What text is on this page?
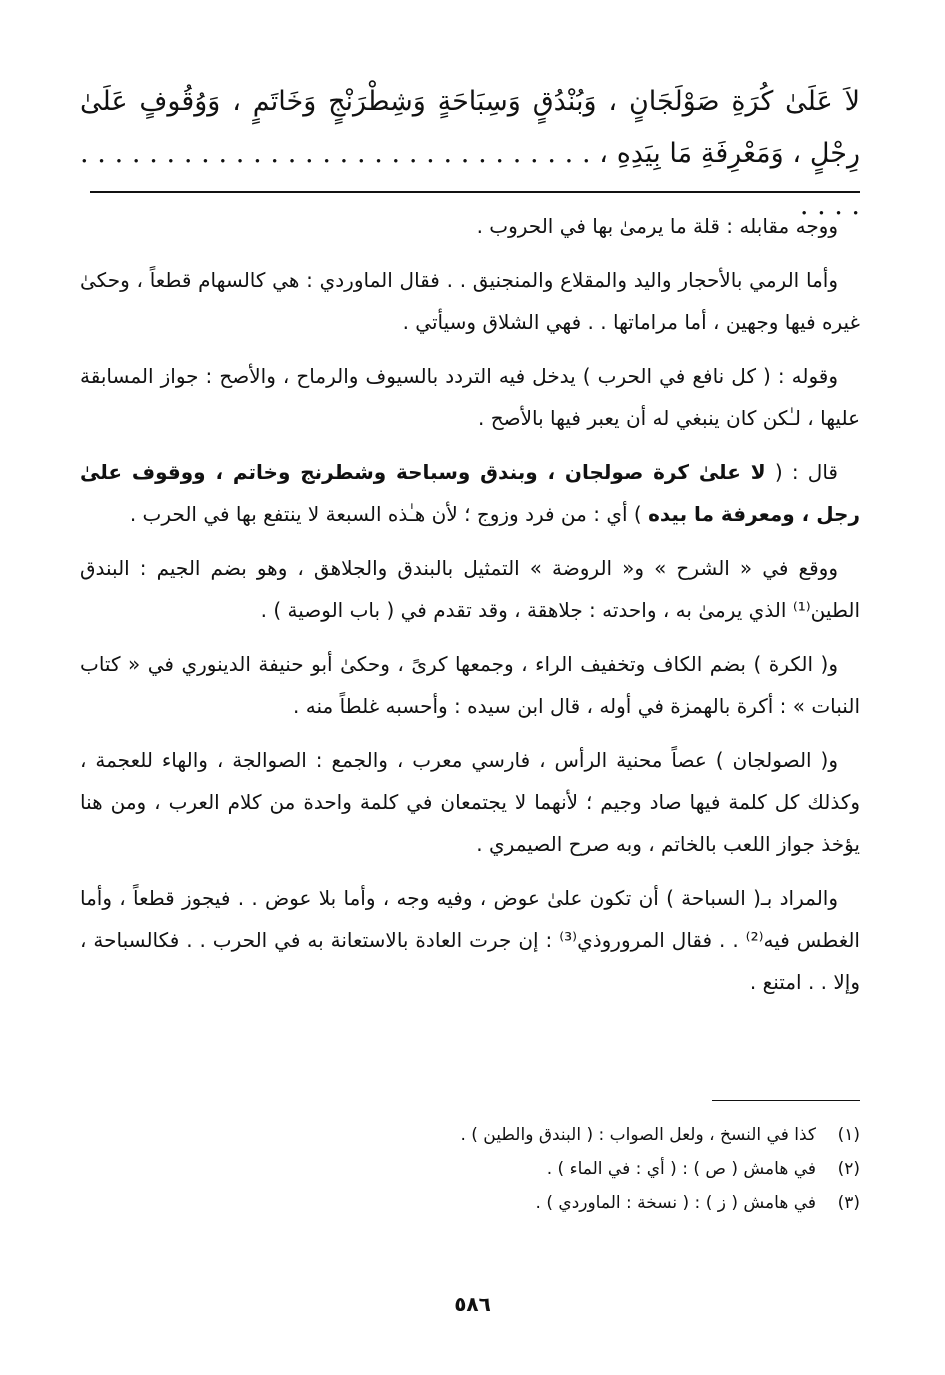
لاَ عَلَىٰ كُرَةِ صَوْلَجَانٍ ، وَبُنْدُقٍ وَسِبَاحَةٍ وَشِطْرَنْجٍ وَخَاتَمٍ ، وَوُقُوفٍ عَلَىٰ رِجْلٍ ، وَمَعْرِفَةِ مَا بِيَدِهِ ، . . . . . . . . . . . . . . . . . . . . . . . . . . . . . . . . . .

ووجه مقابله : قلة ما يرمىٰ بها في الحروب .

وأما الرمي بالأحجار واليد والمقلاع والمنجنيق . . فقال الماوردي : هي كالسهام قطعاً ، وحكىٰ غيره فيها وجهين ، أما مراماتها . . فهي الشلاق وسيأتي .

وقوله : ( كل نافع في الحرب ) يدخل فيه التردد بالسيوف والرماح ، والأصح : جواز المسابقة عليها ، لـٰكن كان ينبغي له أن يعبر فيها بالأصح .

قال : ( لا علىٰ كرة صولجان ، وبندق وسباحة وشطرنج وخاتم ، ووقوف علىٰ رجل ، ومعرفة ما بيده ) أي : من فرد وزوج ؛ لأن هـٰذه السبعة لا ينتفع بها في الحرب .

ووقع في « الشرح » و« الروضة » التمثيل بالبندق والجلاهق ، وهو بضم الجيم : البندق الطين⁽¹⁾ الذي يرمىٰ به ، واحدته : جلاهقة ، وقد تقدم في ( باب الوصية ) .

و( الكرة ) بضم الكاف وتخفيف الراء ، وجمعها كرىً ، وحكىٰ أبو حنيفة الدينوري في « كتاب النبات » : أكرة بالهمزة في أوله ، قال ابن سيده : وأحسبه غلطاً منه .

و( الصولجان ) عصاً محنية الرأس ، فارسي معرب ، والجمع : الصوالجة ، والهاء للعجمة ، وكذلك كل كلمة فيها صاد وجيم ؛ لأنهما لا يجتمعان في كلمة واحدة من كلام العرب ، ومن هنا يؤخذ جواز اللعب بالخاتم ، وبه صرح الصيمري .

والمراد بـ( السباحة ) أن تكون علىٰ عوض ، وفيه وجه ، وأما بلا عوض . . فيجوز قطعاً ، وأما الغطس فيه⁽²⁾ . . فقال المروروذي⁽³⁾ : إن جرت العادة بالاستعانة به في الحرب . . فكالسباحة ، وإلا . . امتنع .

(١)
كذا في النسخ ، ولعل الصواب : ( البندق والطين ) .
(٢)
في هامش ( ص ) : ( أي : في الماء ) .
(٣)
في هامش ( ز ) : ( نسخة : الماوردي ) .
٥٨٦
